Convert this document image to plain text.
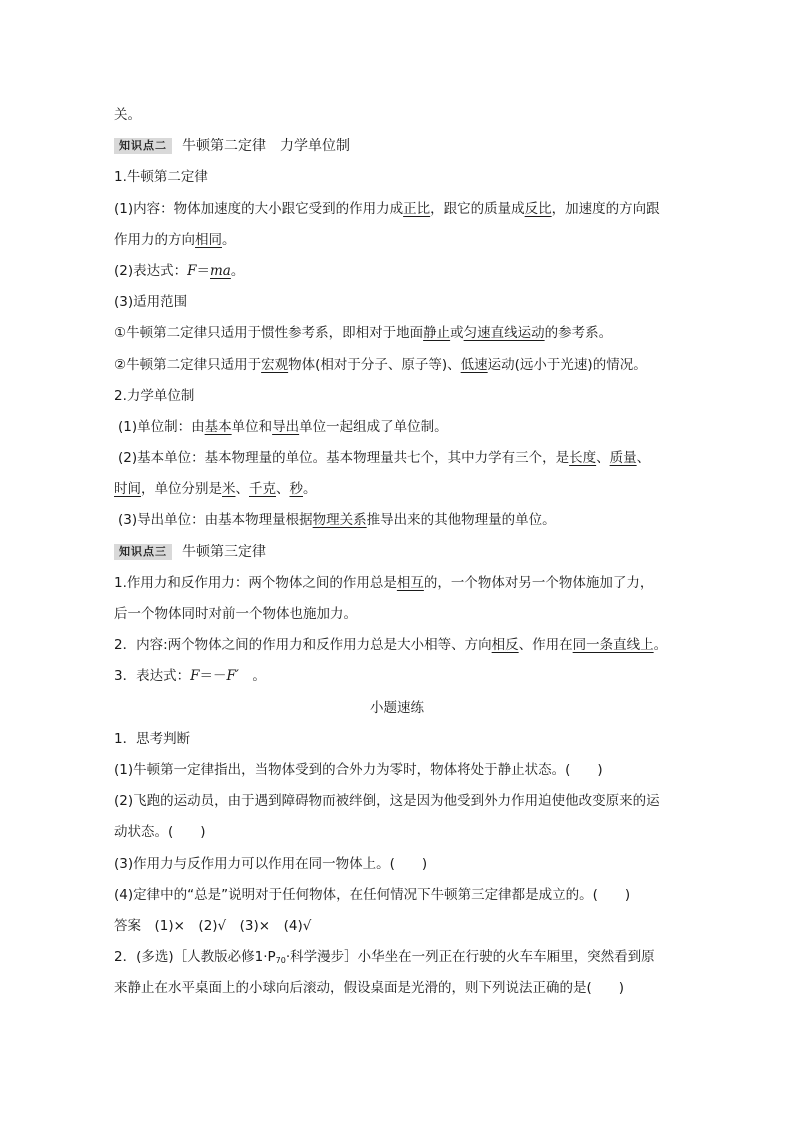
关。
知识点二 牛顿第二定律　力学单位制
1.牛顿第二定律
(1)内容：物体加速度的大小跟它受到的作用力成正比，跟它的质量成反比，加速度的方向跟
作用力的方向相同。
(2)表达式：F＝ma。
(3)适用范围
①牛顿第二定律只适用于惯性参考系，即相对于地面静止或匀速直线运动的参考系。
②牛顿第二定律只适用于宏观物体(相对于分子、原子等)、低速运动(远小于光速)的情况。
2.力学单位制
(1)单位制：由基本单位和导出单位一起组成了单位制。
(2)基本单位：基本物理量的单位。基本物理量共七个，其中力学有三个，是长度、质量、
时间，单位分别是米、千克、秒。
(3)导出单位：由基本物理量根据物理关系推导出来的其他物理量的单位。
知识点三 牛顿第三定律
1.作用力和反作用力：两个物体之间的作用总是相互的，一个物体对另一个物体施加了力，
后一个物体同时对前一个物体也施加力。
2．内容:两个物体之间的作用力和反作用力总是大小相等、方向相反、作用在同一条直线上。
3．表达式：F＝－F′　。
小题速练
1．思考判断
(1)牛顿第一定律指出，当物体受到的合外力为零时，物体将处于静止状态。(　　)
(2)飞跑的运动员，由于遇到障碍物而被绊倒，这是因为他受到外力作用迫使他改变原来的运
动状态。(　　)
(3)作用力与反作用力可以作用在同一物体上。(　　)
(4)定律中的“总是”说明对于任何物体，在任何情况下牛顿第三定律都是成立的。(　　)
答案　(1)×　(2)√　(3)×　(4)√
2．(多选)［人教版必修$1\cdot P_{70}\cdot$科学漫步］小华坐在一列正在行驶的火车车厢里，突然看到原
来静止在水平桌面上的小球向后滚动，假设桌面是光滑的，则下列说法正确的是(　　)
